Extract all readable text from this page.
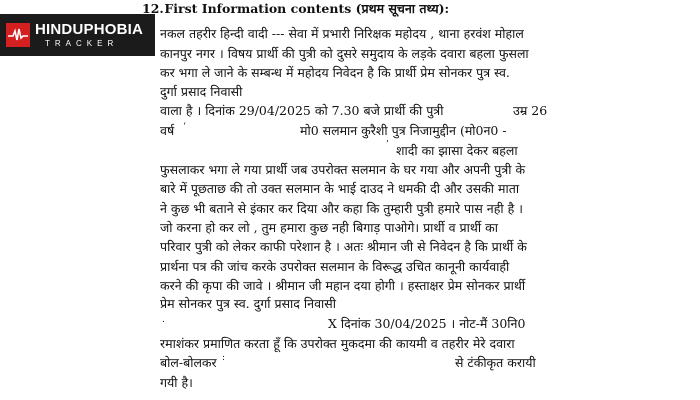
HINDUPHOBIA
TRACKER
12. First Information contents (प्रथम सूचना तथ्य):
नकल तहरीर हिन्दी वादी --- सेवा में प्रभारी निरिक्षक महोदय , थाना हरवंश मोहाल
कानपुर नगर । विषय प्रार्थी की पुत्री को दुसरे समुदाय के लड़के दवारा बहला फुसला
कर भगा ले जाने के सम्बन्ध में महोदय निवेदन है कि प्रार्थी प्रेम सोनकर पुत्र स्व.
दुर्गा प्रसाद निवासी
वाला है । दिनांक 29/04/2025 को 7.30 बजे प्रार्थी की पुत्री	उम्र 26
वर्ष ‘	मो0 सलमान कुरैशी पुत्र निजामुद्दीन (मो0न0 -
’ शादी का झासा देकर बहला
फुसलाकर भगा ले गया प्रार्थी जब उपरोक्त सलमान के घर गया और अपनी पुत्री के
बारे में पूछताछ की तो उक्त सलमान के भाई दाउद ने धमकी दी और उसकी माता
ने कुछ भी बताने से इंकार कर दिया और कहा कि तुम्हारी पुत्री हमारे पास नही है ।
जो करना हो कर लो , तुम हमारा कुछ नही बिगाड़ पाओगे। प्रार्थी व प्रार्थी का
परिवार पुत्री को लेकर काफी परेशान है । अतः श्रीमान जी से निवेदन है कि प्रार्थी के
प्रार्थना पत्र की जांच करके उपरोक्त सलमान के विरूद्ध उचित कानूनी कार्यवाही
करने की कृपा की जावे । श्रीमान जी महान दया होगी । हस्ताक्षर प्रेम सोनकर प्रार्थी
प्रेम सोनकर पुत्र स्व. दुर्गा प्रसाद निवासी
.	X दिनांक 30/04/2025 । नोट-मैं 30नि0
रमाशंकर प्रमाणित करता हूँ कि उपरोक्त मुकदमा की कायमी व तहरीर मेरे दवारा
बोल-बोलकर :	से टंकीकृत करायी
गयी है।
